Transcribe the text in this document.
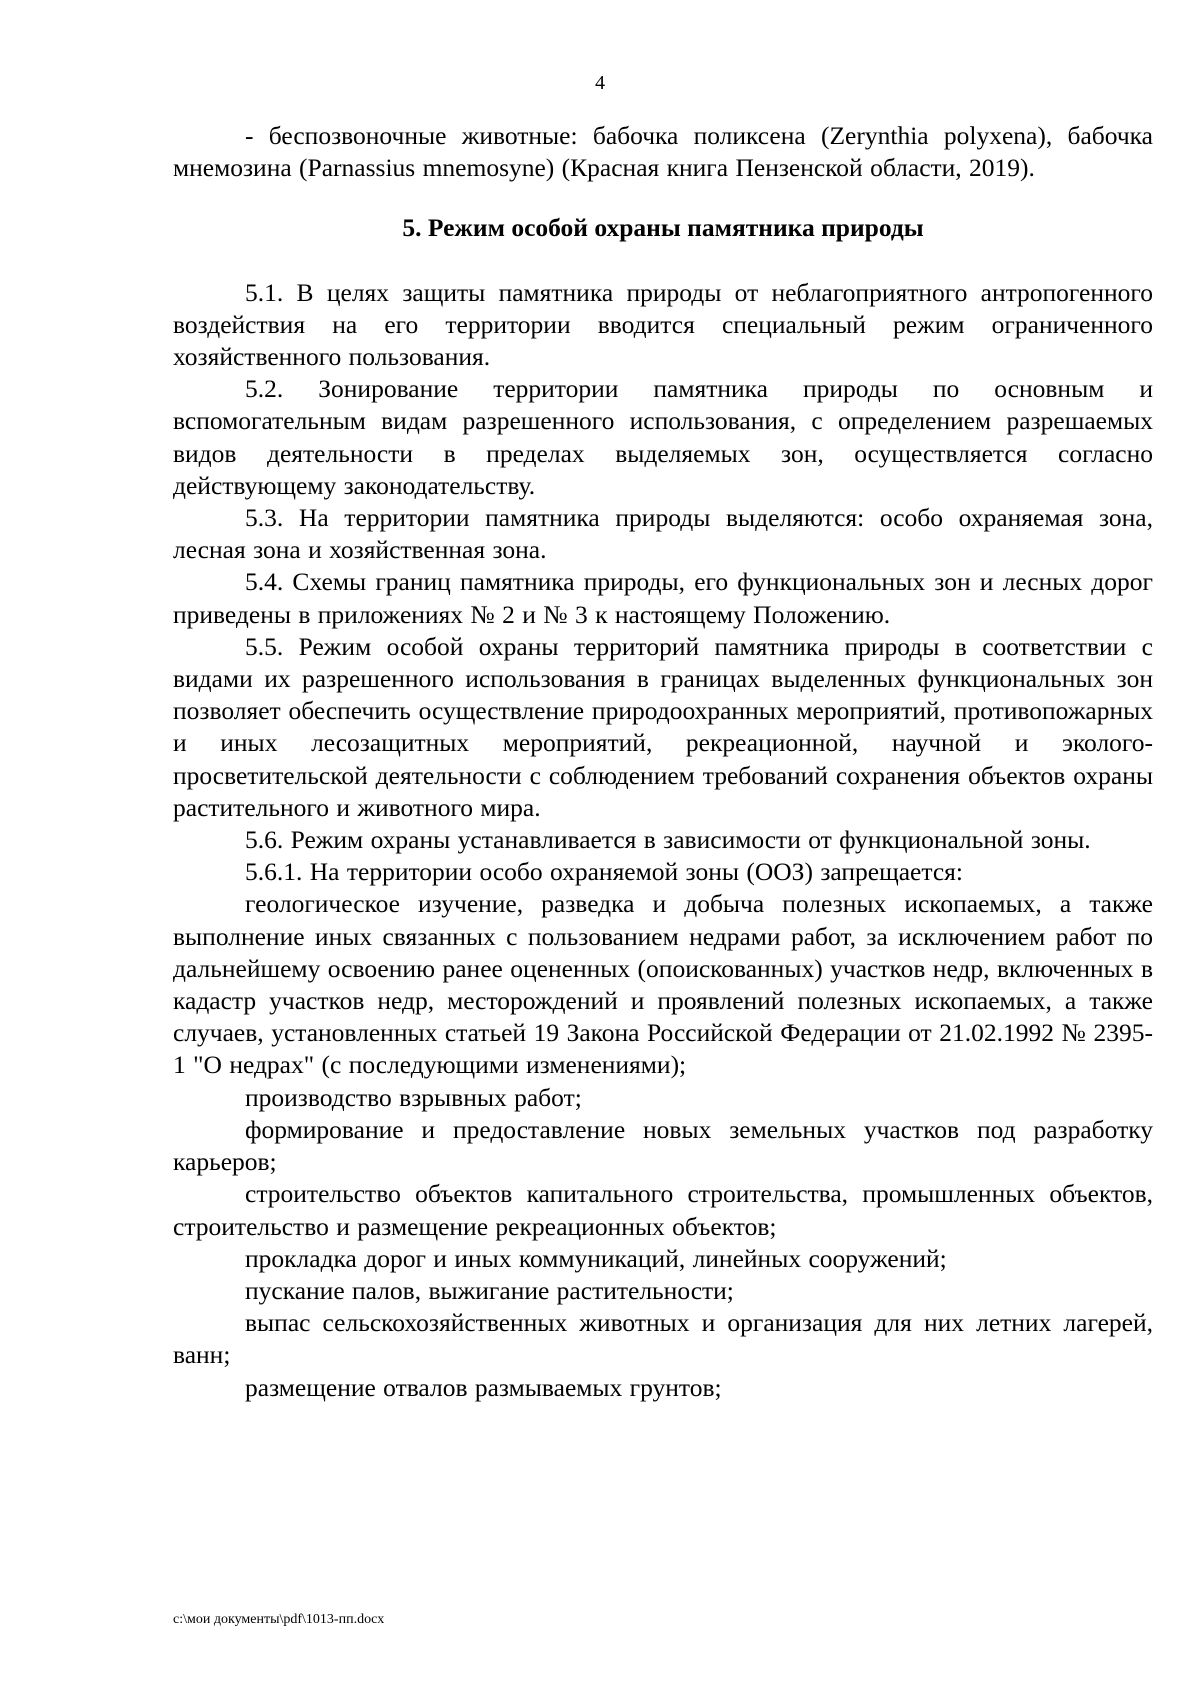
4

- беспозвоночные животные: бабочка поликсена (Zerynthia polyxena), бабочка мнемозина (Parnassius mnemosyne) (Красная книга Пензенской области, 2019).

5. Режим особой охраны памятника природы

5.1. В целях защиты памятника природы от неблагоприятного антропогенного воздействия на его территории вводится специальный режим ограниченного хозяйственного пользования.

5.2. Зонирование территории памятника природы по основным и вспомогательным видам разрешенного использования, с определением разрешаемых видов деятельности в пределах выделяемых зон, осуществляется согласно действующему законодательству.

5.3. На территории памятника природы выделяются: особо охраняемая зона, лесная зона и хозяйственная зона.

5.4. Схемы границ памятника природы, его функциональных зон и лесных дорог приведены в приложениях № 2 и № 3 к настоящему Положению.

5.5. Режим особой охраны территорий памятника природы в соответствии с видами их разрешенного использования в границах выделенных функциональных зон позволяет обеспечить осуществление природоохранных мероприятий, противопожарных и иных лесозащитных мероприятий, рекреационной, научной и эколого-просветительской деятельности с соблюдением требований сохранения объектов охраны растительного и животного мира.

5.6. Режим охраны устанавливается в зависимости от функциональной зоны.

5.6.1. На территории особо охраняемой зоны (ООЗ) запрещается:

геологическое изучение, разведка и добыча полезных ископаемых, а также выполнение иных связанных с пользованием недрами работ, за исключением работ по дальнейшему освоению ранее оцененных (опоискованных) участков недр, включенных в кадастр участков недр, месторождений и проявлений полезных ископаемых, а также случаев, установленных статьей 19 Закона Российской Федерации от 21.02.1992 № 2395-1 "О недрах" (с последующими изменениями);

производство взрывных работ;

формирование и предоставление новых земельных участков под разработку карьеров;

строительство объектов капитального строительства, промышленных объектов, строительство и размещение рекреационных объектов;

прокладка дорог и иных коммуникаций, линейных сооружений;

пускание палов, выжигание растительности;

выпас сельскохозяйственных животных и организация для них летних лагерей, ванн;

размещение отвалов размываемых грунтов;

c:\мои документы\pdf\1013-пп.docx
